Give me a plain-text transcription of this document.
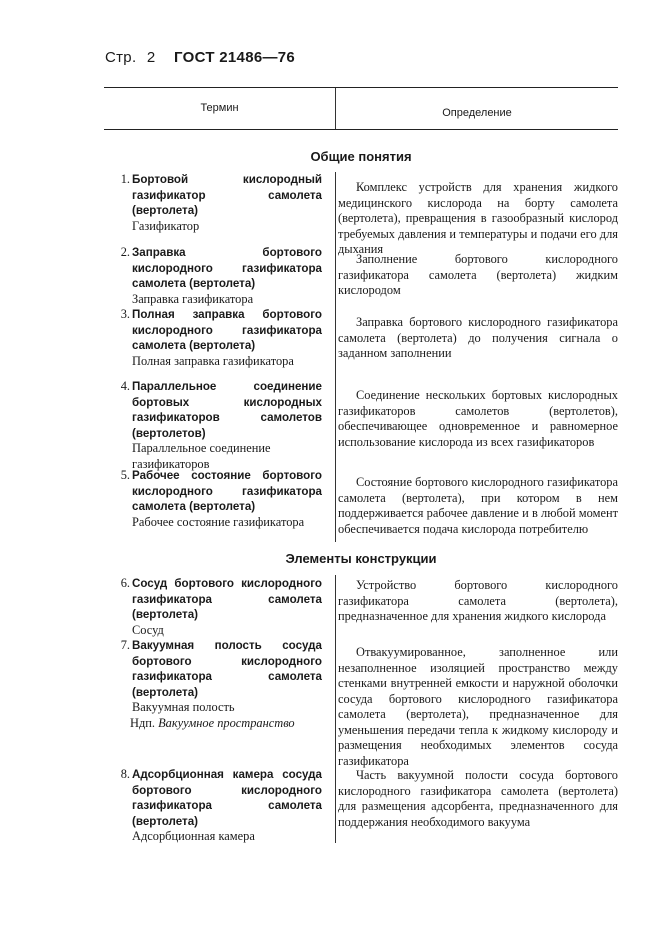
Стр. 2 ГОСТ 21486—76
Термин	Определение
Общие понятия
1. Бортовой кислородный газификатор самолета (вертолета)
Газификатор
Комплекс устройств для хранения жидкого медицинского кислорода на борту самолета (вертолета), превращения в газообразный кислород требуемых давления и температуры и подачи его для дыхания
2. Заправка бортового кислородного газификатора самолета (вертолета)
Заправка газификатора
Заполнение бортового кислородного газификатора самолета (вертолета) жидким кислородом
3. Полная заправка бортового кислородного газификатора самолета (вертолета)
Полная заправка газификатора
Заправка бортового кислородного газификатора самолета (вертолета) до получения сигнала о заданном заполнении
4. Параллельное соединение бортовых кислородных газификаторов самолетов (вертолетов)
Параллельное соединение газификаторов
Соединение нескольких бортовых кислородных газификаторов самолетов (вертолетов), обеспечивающее одновременное и равномерное использование кислорода из всех газификаторов
5. Рабочее состояние бортового кислородного газификатора самолета (вертолета)
Рабочее состояние газификатора
Состояние бортового кислородного газификатора самолета (вертолета), при котором в нем поддерживается рабочее давление и в любой момент обеспечивается подача кислорода потребителю
Элементы конструкции
6. Сосуд бортового кислородного газификатора самолета (вертолета)
Сосуд
Устройство бортового кислородного газификатора самолета (вертолета), предназначенное для хранения жидкого кислорода
7. Вакуумная полость сосуда бортового кислородного газификатора самолета (вертолета)
Вакуумная полость
Ндп. Вакуумное пространство
Отвакуумированное, заполненное или незаполненное изоляцией пространство между стенками внутренней емкости и наружной оболочки сосуда бортового кислородного газификатора самолета (вертолета), предназначенное для уменьшения передачи тепла к жидкому кислороду и размещения необходимых элементов сосуда газификатора
8. Адсорбционная камера сосуда бортового кислородного газификатора самолета (вертолета)
Адсорбционная камера
Часть вакуумной полости сосуда бортового кислородного газификатора самолета (вертолета) для размещения адсорбента, предназначенного для поддержания необходимого вакуума
